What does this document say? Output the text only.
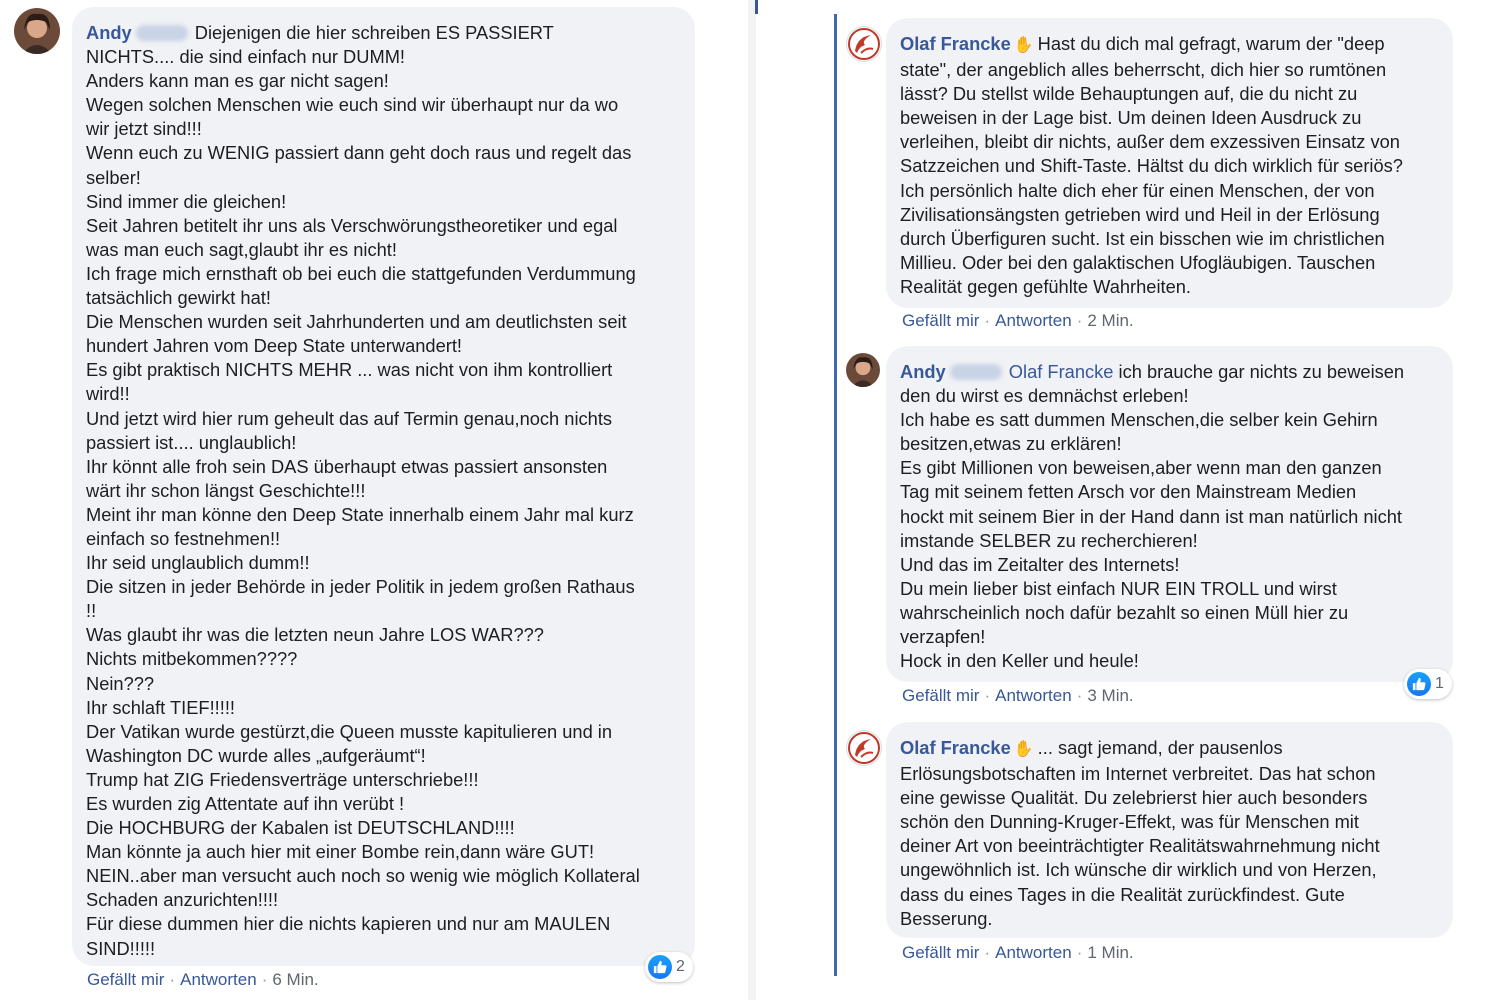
Andy	Diejenigen die hier schreiben ES PASSIERT
NICHTS.... die sind einfach nur DUMM!
Anders kann man es gar nicht sagen!
Wegen solchen Menschen wie euch sind wir überhaupt nur da wo
wir jetzt sind!!!
Wenn euch zu WENIG passiert dann geht doch raus und regelt das
selber!
Sind immer die gleichen!
Seit Jahren betitelt ihr uns als Verschwörungstheoretiker und egal
was man euch sagt,glaubt ihr es nicht!
Ich frage mich ernsthaft ob bei euch die stattgefunden Verdummung
tatsächlich gewirkt hat!
Die Menschen wurden seit Jahrhunderten und am deutlichsten seit
hundert Jahren vom Deep State unterwandert!
Es gibt praktisch NICHTS MEHR ... was nicht von ihm kontrolliert
wird!!
Und jetzt wird hier rum geheult das auf Termin genau,noch nichts
passiert ist.... unglaublich!
Ihr könnt alle froh sein DAS überhaupt etwas passiert ansonsten
wärt ihr schon längst Geschichte!!!
Meint ihr man könne den Deep State innerhalb einem Jahr mal kurz
einfach so festnehmen!!
Ihr seid unglaublich dumm!!
Die sitzen in jeder Behörde in jeder Politik in jedem großen Rathaus
!!
Was glaubt ihr was die letzten neun Jahre LOS WAR???
Nichts mitbekommen????
Nein???
Ihr schlaft TIEF!!!!!
Der Vatikan wurde gestürzt,die Queen musste kapitulieren und in
Washington DC wurde alles „aufgeräumt“!
Trump hat ZIG Friedensverträge unterschriebe!!!
Es wurden zig Attentate auf ihn verübt !
Die HOCHBURG der Kabalen ist DEUTSCHLAND!!!!
Man könnte ja auch hier mit einer Bombe rein,dann wäre GUT!
NEIN..aber man versucht auch noch so wenig wie möglich Kollateral
Schaden anzurichten!!!!
Für diese dummen hier die nichts kapieren und nur am MAULEN
SIND!!!!!
2
Gefällt mir · Antworten · 6 Min.
Olaf Francke ✋ Hast du dich mal gefragt, warum der "deep
state", der angeblich alles beherrscht, dich hier so rumtönen
lässt? Du stellst wilde Behauptungen auf, die du nicht zu
beweisen in der Lage bist. Um deinen Ideen Ausdruck zu
verleihen, bleibt dir nichts, außer dem exzessiven Einsatz von
Satzzeichen und Shift-Taste. Hältst du dich wirklich für seriös?
Ich persönlich halte dich eher für einen Menschen, der von
Zivilisationsängsten getrieben wird und Heil in der Erlösung
durch Überfiguren sucht. Ist ein bisschen wie im christlichen
Millieu. Oder bei den galaktischen Ufogläubigen. Tauschen
Realität gegen gefühlte Wahrheiten.
Gefällt mir · Antworten · 2 Min.
Andy	Olaf Francke ich brauche gar nichts zu beweisen
den du wirst es demnächst erleben!
Ich habe es satt dummen Menschen,die selber kein Gehirn
besitzen,etwas zu erklären!
Es gibt Millionen von beweisen,aber wenn man den ganzen
Tag mit seinem fetten Arsch vor den Mainstream Medien
hockt mit seinem Bier in der Hand dann ist man natürlich nicht
imstande SELBER zu recherchieren!
Und das im Zeitalter des Internets!
Du mein lieber bist einfach NUR EIN TROLL und wirst
wahrscheinlich noch dafür bezahlt so einen Müll hier zu
verzapfen!
Hock in den Keller und heule!
1
Gefällt mir · Antworten · 3 Min.
Olaf Francke ✋ ... sagt jemand, der pausenlos
Erlösungsbotschaften im Internet verbreitet. Das hat schon
eine gewisse Qualität. Du zelebrierst hier auch besonders
schön den Dunning-Kruger-Effekt, was für Menschen mit
deiner Art von beeinträchtigter Realitätswahrnehmung nicht
ungewöhnlich ist. Ich wünsche dir wirklich und von Herzen,
dass du eines Tages in die Realität zurückfindest. Gute
Besserung.
Gefällt mir · Antworten · 1 Min.
